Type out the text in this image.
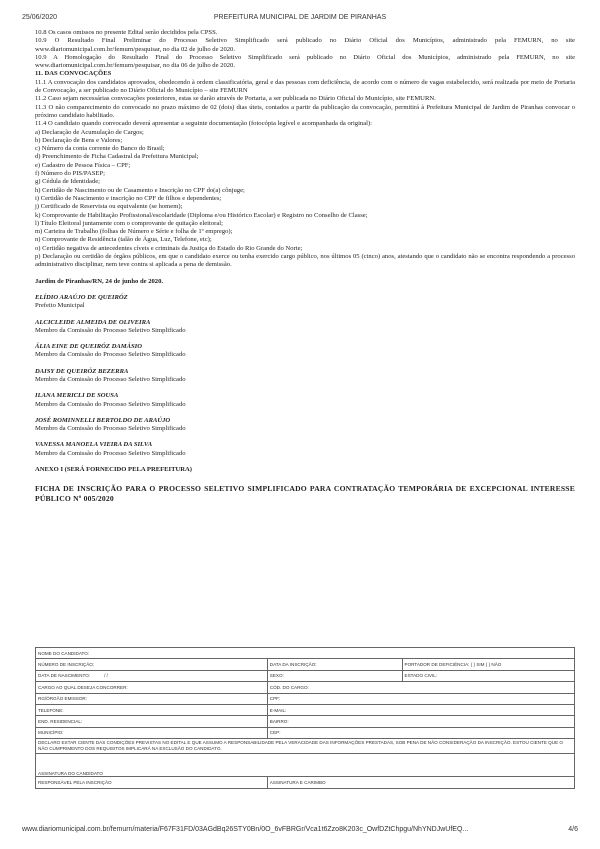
25/06/2020	PREFEITURA MUNICIPAL DE JARDIM DE PIRANHAS

10.8 Os casos omissos no presente Edital serão decididos pela CPSS.

10.9 O Resultado Final Preliminar do Processo Seletivo Simplificado será publicado no Diário Oficial dos Municípios, administrado pela FEMURN, no site www.diariomunicipal.com.br/femurn/pesquisar, no dia 02 de julho de 2020.

10.9 A Homologação do Resultado Final do Processo Seletivo Simplificado será publicado no Diário Oficial dos Municípios, administrado pela FEMURN, no site www.diariomunicipal.com.br/femurn/pesquisar, no dia 06 de julho de 2020.

11. DAS CONVOCAÇÕES

11.1 A convocação dos candidatos aprovados, obedecendo à ordem classificatória, geral e das pessoas com deficiência, de acordo com o número de vagas estabelecido, será realizada por meio de Portaria de Convocação, a ser publicado no Diário Oficial do Município – site FEMURN

11.2 Caso sejam necessárias convocações posteriores, estas se darão através de Portaria, a ser publicada no Diário Oficial do Município, site FEMURN.

11.3 O não comparecimento do convocado no prazo máximo de 02 (dois) dias úteis, contados a partir da publicação da convocação, permitirá à Prefeitura Municipal de Jardim de Piranhas convocar o próximo candidato habilitado.

11.4 O candidato quando convocado deverá apresentar a seguinte documentação (fotocópia legível e acompanhada da original):

a) Declaração de Acumulação de Cargos;

b) Declaração de Bens e Valores;

c) Número da conta corrente do Banco do Brasil;

d) Preenchimento de Ficha Cadastral da Prefeitura Municipal;

e) Cadastro de Pessoa Física – CPF;

f) Número do PIS/PASEP;

g) Cédula de Identidade;

h) Certidão de Nascimento ou de Casamento e Inscrição no CPF do(a) cônjuge;

i) Certidão de Nascimento e inscrição no CPF de filhos e dependentes;

j) Certificado de Reservista ou equivalente (se homem);

k) Comprovante de Habilitação Profissional/escolaridade (Diploma e/ou Histórico Escolar) e Registro no Conselho de Classe;

l) Título Eleitoral juntamente com o comprovante de quitação eleitoral;

m) Carteira de Trabalho (folhas de Número e Série e folha de 1º emprego);

n) Comprovante de Residência (talão de Água, Luz, Telefone, etc);

o) Certidão negativa de antecedentes cíveis e criminais da Justiça do Estado do Rio Grande do Norte;

p) Declaração ou certidão de órgãos públicos, em que o candidato exerce ou tenha exercido cargo público, nos últimos 05 (cinco) anos, atestando que o candidato não se encontra respondendo a processo administrativo disciplinar, nem teve contra si aplicada a pena de demissão.

Jardim de Piranhas/RN, 24 de junho de 2020.

ELÍDIO ARAÚJO DE QUEIRÓZ

Prefeito Municipal

ALCICLEIDE ALMEIDA DE OLIVEIRA

Membro da Comissão do Processo Seletivo Simplificado

ÁLIA EINE DE QUEIRÓZ DAMÁSIO

Membro da Comissão do Processo Seletivo Simplificado

DAISY DE QUEIRÓZ BEZERRA

Membro da Comissão do Processo Seletivo Simplificado

ILANA MERICLI DE SOUSA

Membro da Comissão do Processo Seletivo Simplificado

JOSÉ ROMINNELLI BERTOLDO DE ARAÚJO

Membro da Comissão do Processo Seletivo Simplificado

VANESSA MANOELA VIEIRA DA SILVA

Membro da Comissão do Processo Seletivo Simplificado

ANEXO I (SERÁ FORNECIDO PELA PREFEITURA)

FICHA DE INSCRIÇÃO PARA O PROCESSO SELETIVO SIMPLIFICADO PARA CONTRATAÇÃO TEMPORÁRIA DE EXCEPCIONAL INTERESSE PÚBLICO Nº 005/2020

NOME DO CANDIDATO:		
NÚMERO DE INSCRIÇÃO:	DATA DA INSCRIÇÃO:	PORTADOR DE DEFICIÊNCIA: ( ) SIM ( ) NÃO
DATA DE NASCIMENTO: / /	SEXO:	ESTADO CIVIL:
CARGO AO QUAL DESEJA CONCORRER:	CÓD. DO CARGO:	
RG/ÓRGÃO EMISSOR:	CPF:	
TELEFONE:	E-MAIL:	
END. RESIDENCIAL:	BAIRRO:	
MUNICÍPIO:	CEP:	
DECLARO ESTAR CIENTE DAS CONDIÇÕES PREVISTAS NO EDITAL E QUE ASSUMO A RESPONSABILIDADE PELA VERACIDADE DAS INFORMAÇÕES PRESTADAS, SOB PENA DE NÃO CONSIDERAÇÃO DA INSCRIÇÃO. ESTOU CIENTE QUE O NÃO CUMPRIMENTO DOS REQUISITOS IMPLICARÁ NA EXCLUSÃO DO CANDIDATO.		
ASSINATURA DO CANDIDATO		
RESPONSÁVEL PELA INSCRIÇÃO	ASSINATURA E CARIMBO	
www.diariomunicipal.com.br/femurn/materia/F67F31FD/03AGdBq26STY0Bn/0O_6vFBRGr/Vca1t6Zzo8K203c_OwfDZtChpgu/NhYNDJwUfEQ...	4/6
